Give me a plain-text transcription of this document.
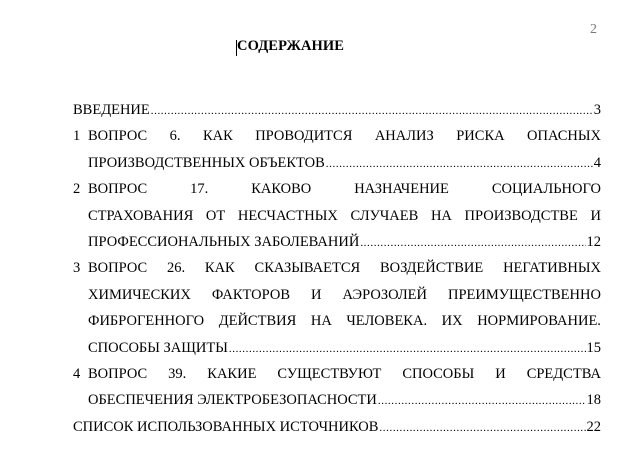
2
СОДЕРЖАНИЕ
ВВЕДЕНИЕ .....	3
1 ВОПРОС 6. КАК ПРОВОДИТСЯ АНАЛИЗ РИСКА ОПАСНЫХ
ПРОИЗВОДСТВЕННЫХ ОБЪЕКТОВ .....	4
2 ВОПРОС	17.	КАКОВО	НАЗНАЧЕНИЕ	СОЦИАЛЬНОГО
СТРАХОВАНИЯ ОТ НЕСЧАСТНЫХ СЛУЧАЕВ НА ПРОИЗВОДСТВЕ И
ПРОФЕССИОНАЛЬНЫХ ЗАБОЛЕВАНИЙ .....	12
3 ВОПРОС 26. КАК СКАЗЫВАЕТСЯ ВОЗДЕЙСТВИЕ НЕГАТИВНЫХ
ХИМИЧЕСКИХ ФАКТОРОВ И АЭРОЗОЛЕЙ ПРЕИМУЩЕСТВЕННО
ФИБРОГЕННОГО ДЕЙСТВИЯ НА ЧЕЛОВЕКА. ИХ НОРМИРОВАНИЕ.
СПОСОБЫ ЗАЩИТЫ .....	15
4 ВОПРОС 39. КАКИЕ СУЩЕСТВУЮТ СПОСОБЫ И СРЕДСТВА
ОБЕСПЕЧЕНИЯ ЭЛЕКТРОБЕЗОПАСНОСТИ .....	18
СПИСОК ИСПОЛЬЗОВАННЫХ ИСТОЧНИКОВ .....	22
